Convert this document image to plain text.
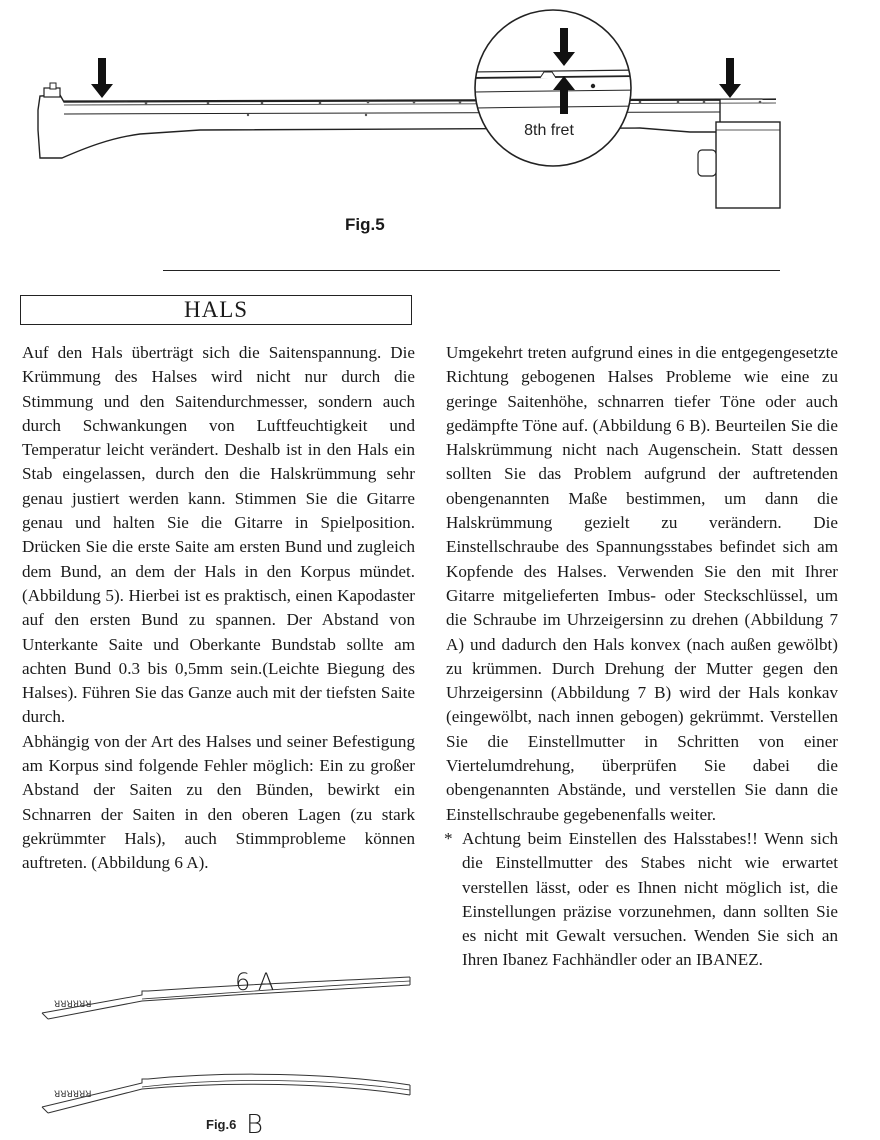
8th fret
Fig.5
HALS

Auf den Hals überträgt sich die Saitenspannung. Die Krümmung des Halses wird nicht nur durch die Stimmung und den Saitendurchmesser, sondern auch durch Schwankungen von Luftfeuchtigkeit und Temperatur leicht verändert. Deshalb ist in den Hals ein Stab eingelassen, durch den die Halskrümmung sehr genau justiert werden kann. Stimmen Sie die Gitarre genau und halten Sie die Gitarre in Spielposition. Drücken Sie die erste Saite am ersten Bund und zugleich dem Bund, an dem der Hals in den Korpus mündet. (Abbildung 5). Hierbei ist es praktisch, einen Kapodaster auf den ersten Bund zu spannen. Der Abstand von Unterkante Saite und Oberkante Bundstab sollte am achten Bund 0.3 bis 0,5mm sein.(Leichte Biegung des Halses). Führen Sie das Ganze auch mit der tiefsten Saite durch.

Abhängig von der Art des Halses und seiner Befestigung am Korpus sind folgende Fehler möglich: Ein zu großer Abstand der Saiten zu den Bünden, bewirkt ein Schnarren der Saiten in den oberen Lagen (zu stark gekrümmter Hals), auch Stimmprobleme können auftreten. (Abbildung 6 A).

Umgekehrt treten aufgrund eines in die entgegengesetzte Richtung gebogenen Halses Probleme wie eine zu geringe Saitenhöhe, schnarren tiefer Töne oder auch gedämpfte Töne auf. (Abbildung 6 B). Beurteilen Sie die Halskrümmung nicht nach Augenschein. Statt dessen sollten Sie das Problem aufgrund der auftretenden obengenannten Maße bestimmen, um dann die Halskrümmung gezielt zu verändern. Die Einstellschraube des Spannungsstabes befindet sich am Kopfende des Halses. Verwenden Sie den mit Ihrer Gitarre mitgelieferten Imbus- oder Steckschlüssel, um die Schraube im Uhrzeigersinn zu drehen (Abbildung 7 A) und dadurch den Hals konvex (nach außen gewölbt) zu krümmen. Durch Drehung der Mutter gegen den Uhrzeigersinn (Abbildung 7 B) wird der Hals konkav (eingewölbt, nach innen gebogen) gekrümmt. Verstellen Sie die Einstellmutter in Schritten von einer Viertelumdrehung, überprüfen Sie dabei die obengenannten Abstände, und verstellen Sie dann die Einstellschraube gegebenenfalls weiter.

* Achtung beim Einstellen des Halsstabes!! Wenn sich die Einstellmutter des Stabes nicht wie erwartet verstellen lässt, oder es Ihnen nicht möglich ist, die Einstellungen präzise vorzunehmen, dann sollten Sie es nicht mit Gewalt versuchen. Wenden Sie sich an Ihren Ibanez Fachhändler oder an IBANEZ.

ꓤꓤꓤꓤꓤꓤ
6 A
ꓤꓤꓤꓤꓤꓤ
Fig.6 B
